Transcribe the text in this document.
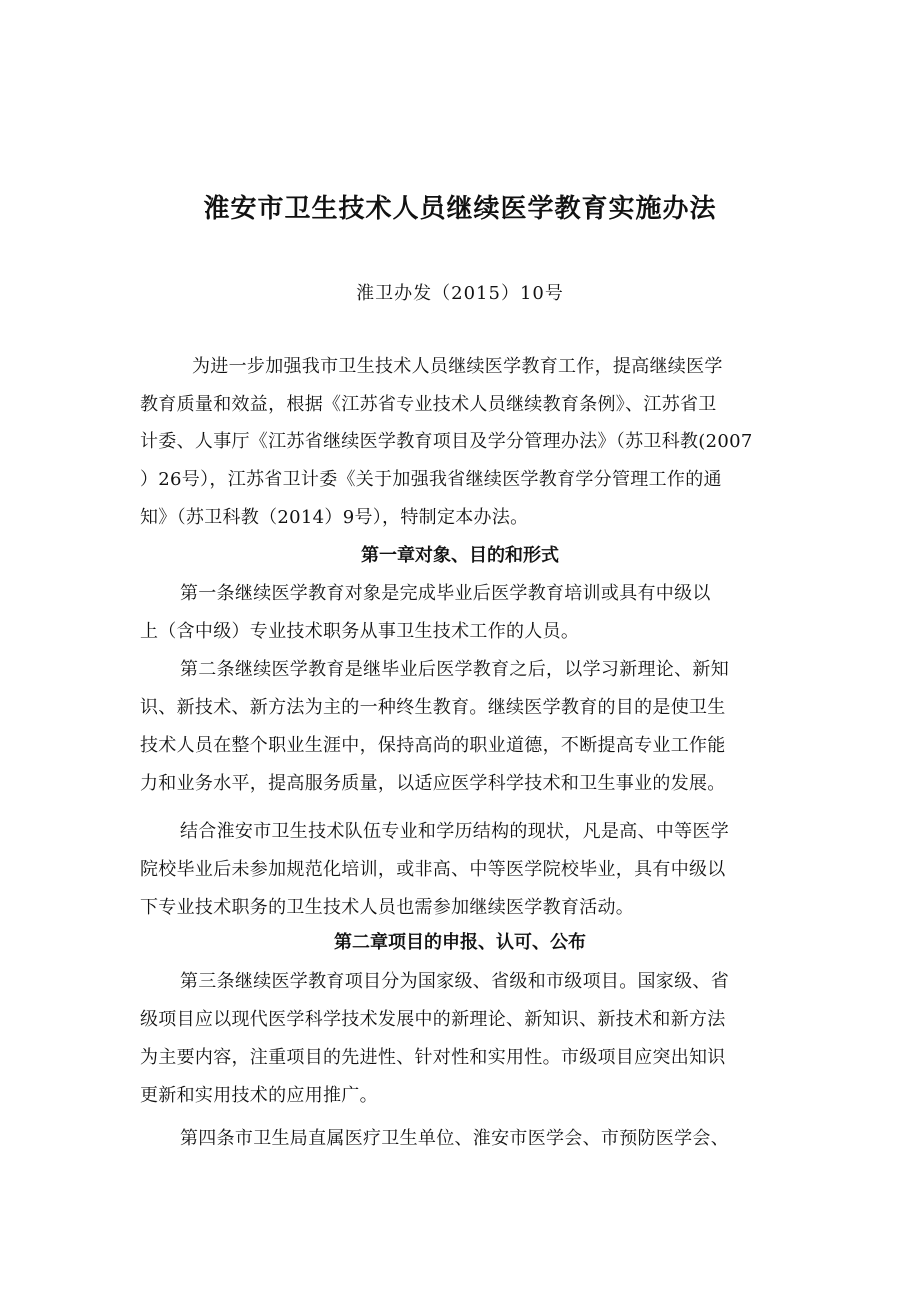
淮安市卫生技术人员继续医学教育实施办法

淮卫办发（2015）10号

为进一步加强我市卫生技术人员继续医学教育工作，提高继续医学

教育质量和效益，根据《江苏省专业技术人员继续教育条例》、江苏省卫

计委、人事厅《江苏省继续医学教育项目及学分管理办法》（苏卫科教(2007

）26号），江苏省卫计委《关于加强我省继续医学教育学分管理工作的通

知》（苏卫科教（2014）9号），特制定本办法。

第一章对象、目的和形式

第一条继续医学教育对象是完成毕业后医学教育培训或具有中级以

上（含中级）专业技术职务从事卫生技术工作的人员。

第二条继续医学教育是继毕业后医学教育之后，以学习新理论、新知

识、新技术、新方法为主的一种终生教育。继续医学教育的目的是使卫生

技术人员在整个职业生涯中，保持高尚的职业道德，不断提高专业工作能

力和业务水平，提高服务质量，以适应医学科学技术和卫生事业的发展。

结合淮安市卫生技术队伍专业和学历结构的现状，凡是高、中等医学

院校毕业后未参加规范化培训，或非高、中等医学院校毕业，具有中级以

下专业技术职务的卫生技术人员也需参加继续医学教育活动。

第二章项目的申报、认可、公布

第三条继续医学教育项目分为国家级、省级和市级项目。国家级、省

级项目应以现代医学科学技术发展中的新理论、新知识、新技术和新方法

为主要内容，注重项目的先进性、针对性和实用性。市级项目应突出知识

更新和实用技术的应用推广。

第四条市卫生局直属医疗卫生单位、淮安市医学会、市预防医学会、
